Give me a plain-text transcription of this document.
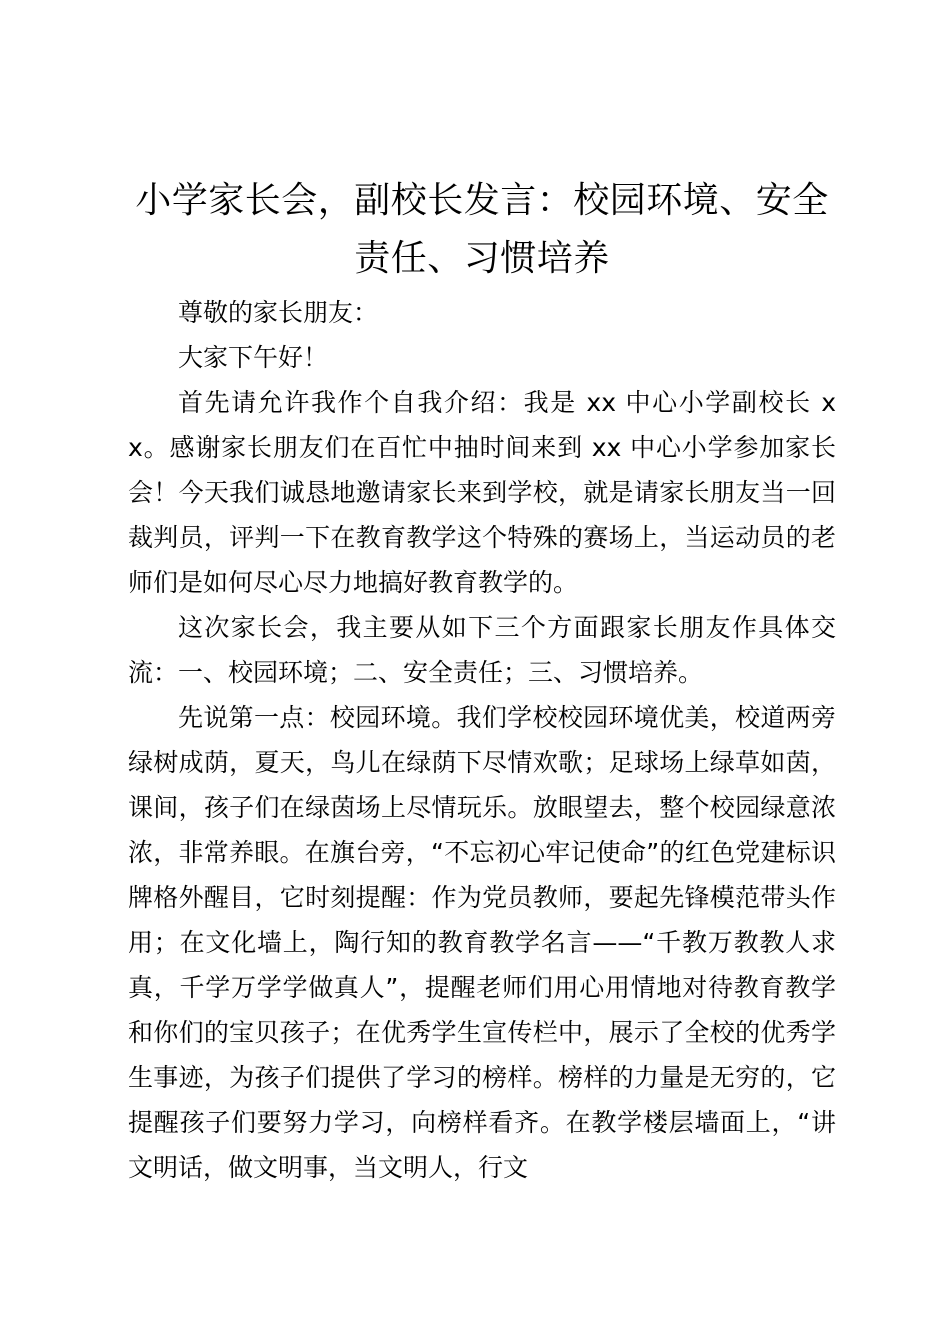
小学家长会，副校长发言：校园环境、安全责任、习惯培养

尊敬的家长朋友：

大家下午好！

首先请允许我作个自我介绍：我是 xx 中心小学副校长 xx。感谢家长朋友们在百忙中抽时间来到 xx 中心小学参加家长会！今天我们诚恳地邀请家长来到学校，就是请家长朋友当一回裁判员，评判一下在教育教学这个特殊的赛场上，当运动员的老师们是如何尽心尽力地搞好教育教学的。

这次家长会，我主要从如下三个方面跟家长朋友作具体交流：一、校园环境；二、安全责任；三、习惯培养。

先说第一点：校园环境。我们学校校园环境优美，校道两旁绿树成荫，夏天，鸟儿在绿荫下尽情欢歌；足球场上绿草如茵，课间，孩子们在绿茵场上尽情玩乐。放眼望去，整个校园绿意浓浓，非常养眼。在旗台旁，“不忘初心牢记使命”的红色党建标识牌格外醒目，它时刻提醒：作为党员教师，要起先锋模范带头作用；在文化墙上，陶行知的教育教学名言——“千教万教教人求真，千学万学学做真人”，提醒老师们用心用情地对待教育教学和你们的宝贝孩子；在优秀学生宣传栏中，展示了全校的优秀学生事迹，为孩子们提供了学习的榜样。榜样的力量是无穷的，它提醒孩子们要努力学习，向榜样看齐。在教学楼层墙面上，“讲文明话，做文明事，当文明人，行文
